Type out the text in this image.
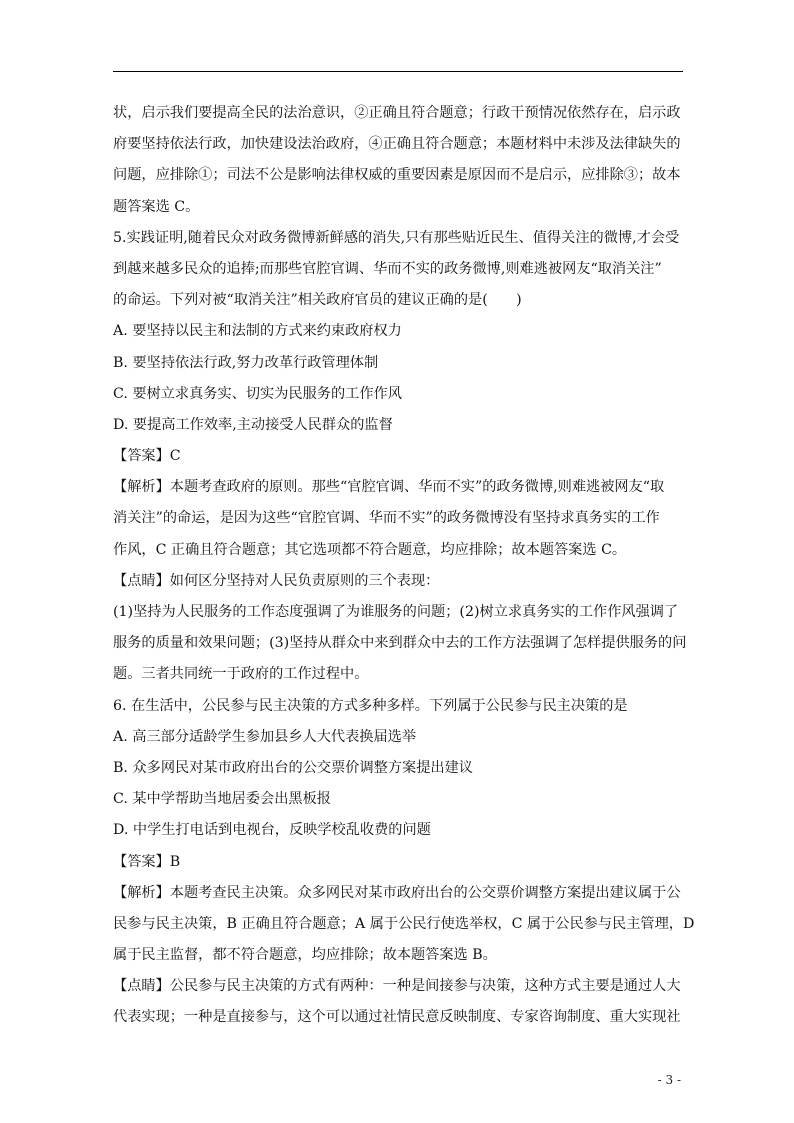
状，启示我们要提高全民的法治意识，②正确且符合题意；行政干预情况依然存在，启示政
府要坚持依法行政，加快建设法治政府，④正确且符合题意；本题材料中未涉及法律缺失的
问题，应排除①；司法不公是影响法律权威的重要因素是原因而不是启示，应排除③；故本
题答案选 C。
5.实践证明,随着民众对政务微博新鲜感的消失,只有那些贴近民生、值得关注的微博,才会受
到越来越多民众的追捧;而那些官腔官调、华而不实的政务微博,则难逃被网友“取消关注”
的命运。下列对被“取消关注”相关政府官员的建议正确的是(　　)
A. 要坚持以民主和法制的方式来约束政府权力
B. 要坚持依法行政,努力改革行政管理体制
C. 要树立求真务实、切实为民服务的工作作风
D. 要提高工作效率,主动接受人民群众的监督
【答案】C
【解析】本题考查政府的原则。那些“官腔官调、华而不实”的政务微博,则难逃被网友“取
消关注”的命运，是因为这些“官腔官调、华而不实”的政务微博没有坚持求真务实的工作
作风，C 正确且符合题意；其它选项都不符合题意，均应排除；故本题答案选 C。
【点睛】如何区分坚持对人民负责原则的三个表现：
(1)坚持为人民服务的工作态度强调了为谁服务的问题；(2)树立求真务实的工作作风强调了
服务的质量和效果问题；(3)坚持从群众中来到群众中去的工作方法强调了怎样提供服务的问
题。三者共同统一于政府的工作过程中。
6. 在生活中，公民参与民主决策的方式多种多样。下列属于公民参与民主决策的是
A. 高三部分适龄学生参加县乡人大代表换届选举
B. 众多网民对某市政府出台的公交票价调整方案提出建议
C. 某中学帮助当地居委会出黑板报
D. 中学生打电话到电视台，反映学校乱收费的问题
【答案】B
【解析】本题考查民主决策。众多网民对某市政府出台的公交票价调整方案提出建议属于公
民参与民主决策，B 正确且符合题意；A 属于公民行使选举权，C 属于公民参与民主管理，D
属于民主监督，都不符合题意，均应排除；故本题答案选 B。
【点睛】公民参与民主决策的方式有两种：一种是间接参与决策，这种方式主要是通过人大
代表实现；一种是直接参与，这个可以通过社情民意反映制度、专家咨询制度、重大实现社
- 3 -
